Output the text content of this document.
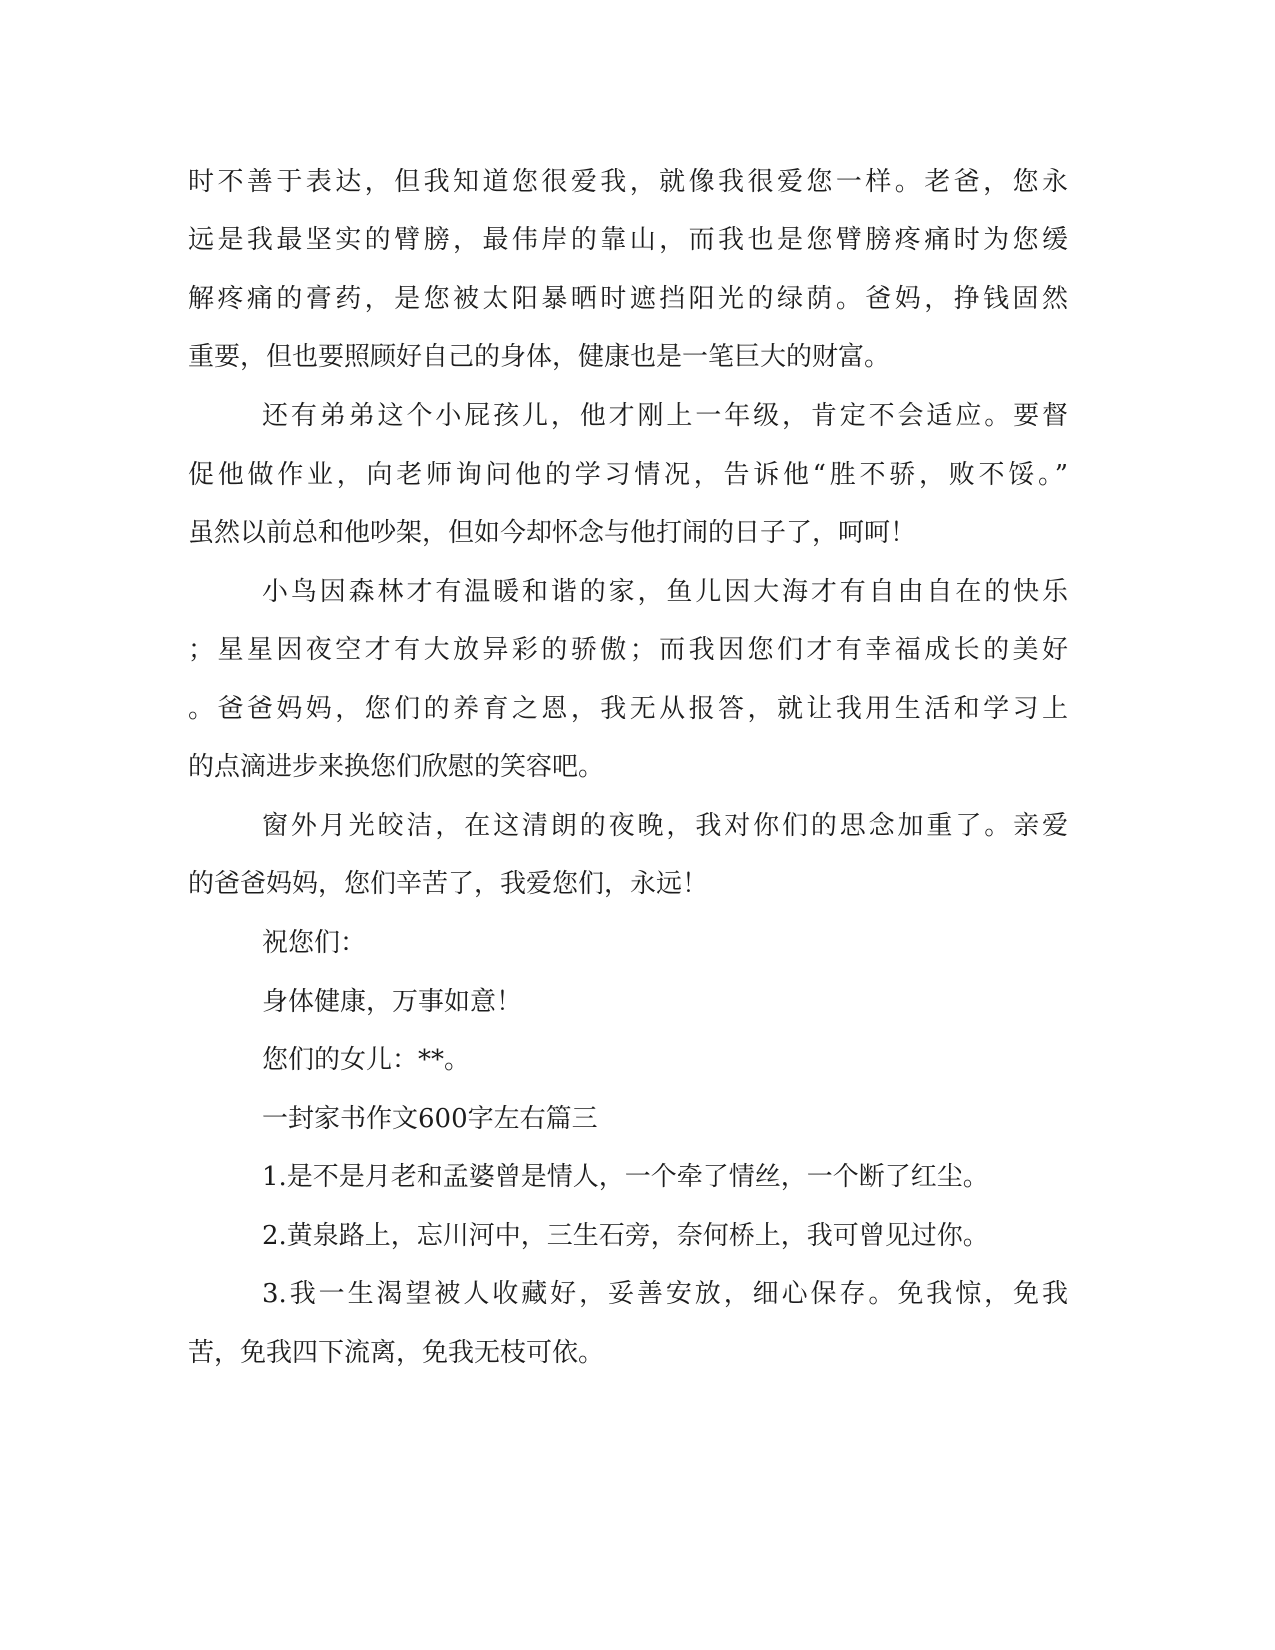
时不善于表达，但我知道您很爱我，就像我很爱您一样。老爸，您永
远是我最坚实的臂膀，最伟岸的靠山，而我也是您臂膀疼痛时为您缓
解疼痛的膏药，是您被太阳暴晒时遮挡阳光的绿荫。爸妈，挣钱固然
重要，但也要照顾好自己的身体，健康也是一笔巨大的财富。
还有弟弟这个小屁孩儿，他才刚上一年级，肯定不会适应。要督
促他做作业，向老师询问他的学习情况，告诉他“胜不骄，败不馁。”
虽然以前总和他吵架，但如今却怀念与他打闹的日子了，呵呵！
小鸟因森林才有温暖和谐的家，鱼儿因大海才有自由自在的快乐
；星星因夜空才有大放异彩的骄傲；而我因您们才有幸福成长的美好
。爸爸妈妈，您们的养育之恩，我无从报答，就让我用生活和学习上
的点滴进步来换您们欣慰的笑容吧。
窗外月光皎洁，在这清朗的夜晚，我对你们的思念加重了。亲爱
的爸爸妈妈，您们辛苦了，我爱您们，永远！
祝您们：
身体健康，万事如意！
您们的女儿：**。
一封家书作文600字左右篇三
1.是不是月老和孟婆曾是情人，一个牵了情丝，一个断了红尘。
2.黄泉路上，忘川河中，三生石旁，奈何桥上，我可曾见过你。
3.我一生渴望被人收藏好，妥善安放，细心保存。免我惊，免我
苦，免我四下流离，免我无枝可依。
